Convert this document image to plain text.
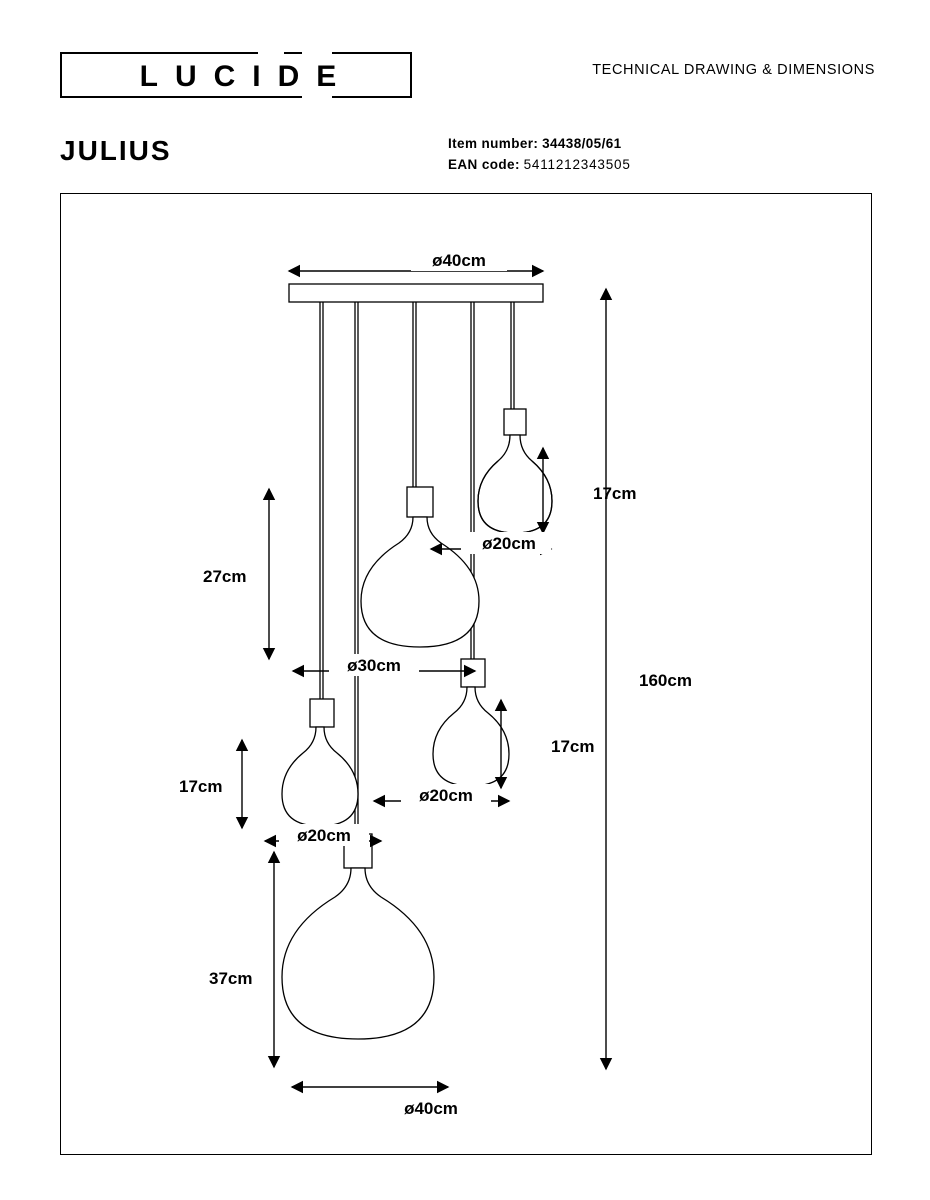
LUCIDE	TECHNICAL DRAWING & DIMENSIONS
JULIUS	Item number: 34438/05/61
EAN code: 5411212343505
ø40cm
160cm
17cm
ø20cm
27cm
ø30cm
17cm
ø20cm
17cm
ø20cm
37cm
ø40cm
